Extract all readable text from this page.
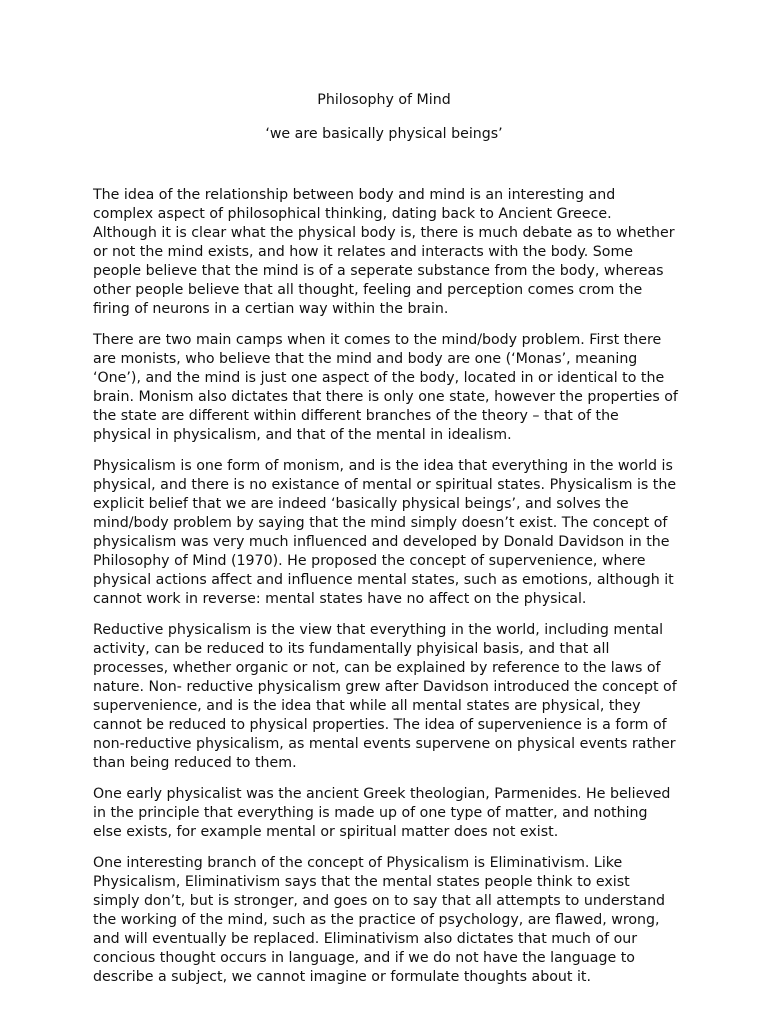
Philosophy of Mind

‘we are basically physical beings’

The idea of the relationship between body and mind is an interesting and complex aspect of philosophical thinking, dating back to Ancient Greece. Although it is clear what the physical body is, there is much debate as to whether or not the mind exists, and how it relates and interacts with the body. Some people believe that the mind is of a seperate substance from the body, whereas other people believe that all thought, feeling and perception comes crom the firing of neurons in a certian way within the brain.

There are two main camps when it comes to the mind/body problem. First there are monists, who believe that the mind and body are one (‘Monas’, meaning ‘One’), and the mind is just one aspect of the body, located in or identical to the brain. Monism also dictates that there is only one state, however the properties of the state are different within different branches of the theory – that of the physical in physicalism, and that of the mental in idealism.

Physicalism is one form of monism, and is the idea that everything in the world is physical, and there is no existance of mental or spiritual states. Physicalism is the explicit belief that we are indeed ‘basically physical beings’, and solves the mind/body problem by saying that the mind simply doesn’t exist. The concept of physicalism was very much influenced and developed by Donald Davidson in the Philosophy of Mind (1970). He proposed the concept of supervenience, where physical actions affect and influence mental states, such as emotions, although it cannot work in reverse: mental states have no affect on the physical.

Reductive physicalism is the view that everything in the world, including mental activity, can be reduced to its fundamentally phyisical basis, and that all processes, whether organic or not, can be explained by reference to the laws of nature. Non- reductive physicalism grew after Davidson introduced the concept of supervenience, and is the idea that while all mental states are physical, they cannot be reduced to physical properties. The idea of supervenience is a form of non-reductive physicalism, as mental events supervene on physical events rather than being reduced to them.

One early physicalist was the ancient Greek theologian, Parmenides. He believed in the principle that everything is made up of one type of matter, and nothing else exists, for example mental or spiritual matter does not exist.

One interesting branch of the concept of Physicalism is Eliminativism. Like Physicalism, Eliminativism says that the mental states people think to exist simply don’t, but is stronger, and goes on to say that all attempts to understand the working of the mind, such as the practice of psychology, are flawed, wrong, and will eventually be replaced. Eliminativism also dictates that much of our concious thought occurs in language, and if we do not have the language to describe a subject, we cannot imagine or formulate thoughts about it.
